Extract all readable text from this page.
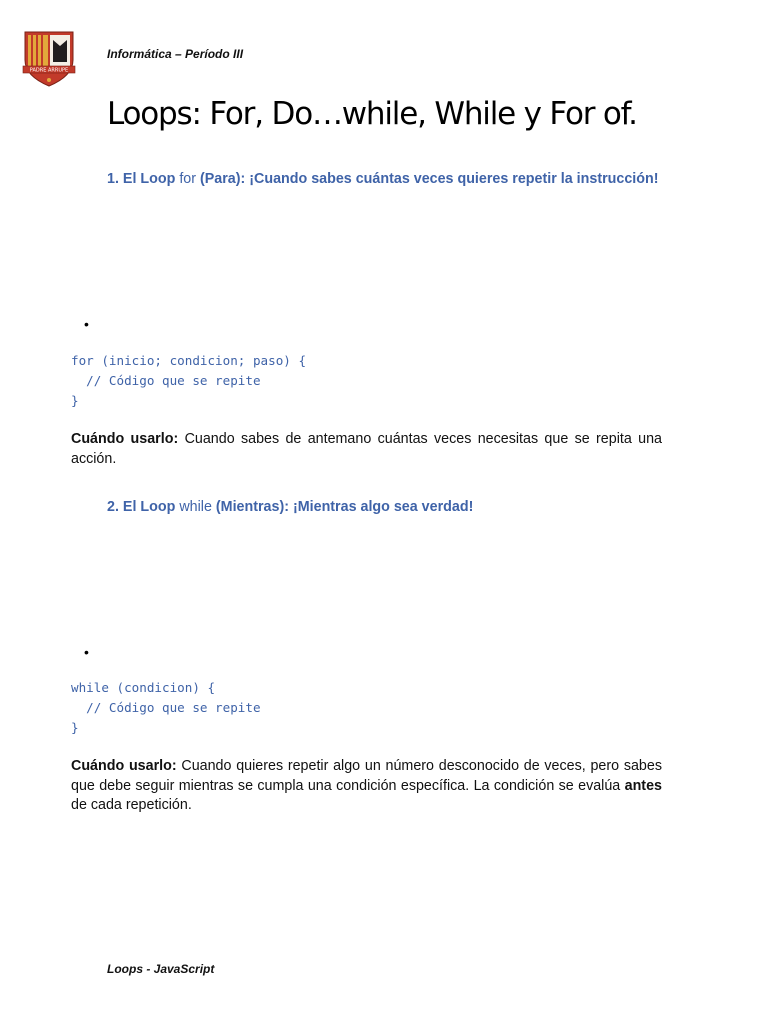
PADRE ARRUPE
Informática – Período III
Loops: For, Do…while, While y For of.
1. El Loop for (Para): ¡Cuando sabes cuántas veces quieres repetir la instrucción!
•
for (inicio; condicion; paso) {
// Código que se repite
}
Cuándo usarlo: Cuando sabes de antemano cuántas veces necesitas que se repita una acción.
2. El Loop while (Mientras): ¡Mientras algo sea verdad!
•
while (condicion) {
// Código que se repite
}
Cuándo usarlo: Cuando quieres repetir algo un número desconocido de veces, pero sabes que debe seguir mientras se cumpla una condición específica. La condición se evalúa antes de cada repetición.
Loops - JavaScript
